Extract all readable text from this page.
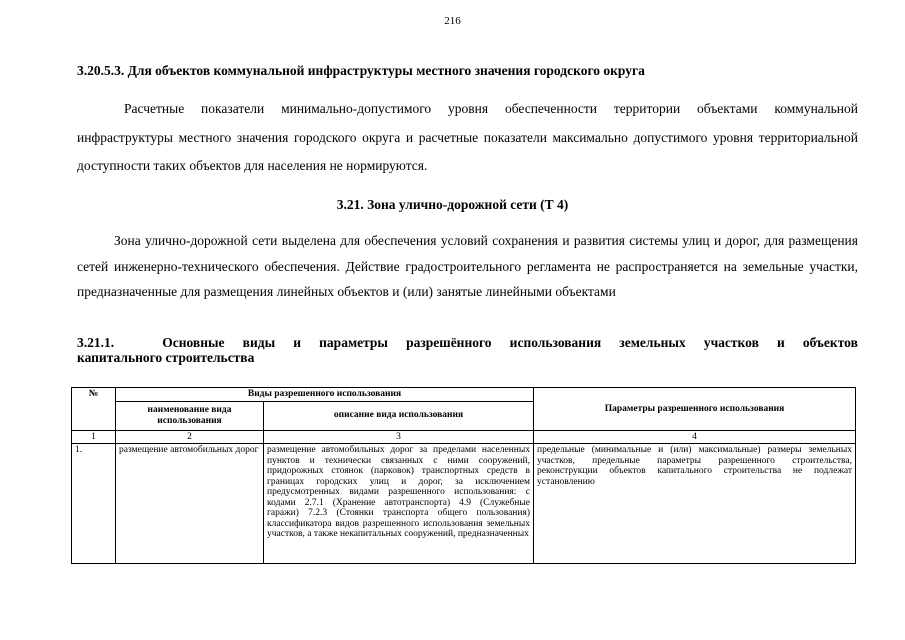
216
3.20.5.3. Для объектов коммунальной инфраструктуры местного значения городского округа
Расчетные показатели минимально-допустимого уровня обеспеченности территории объектами коммунальной инфраструктуры местного значения городского округа и расчетные показатели максимально допустимого уровня территориальной доступности таких объектов для населения не нормируются.
3.21. Зона улично-дорожной сети (Т 4)
Зона улично-дорожной сети выделена для обеспечения условий сохранения и развития системы улиц и дорог, для размещения сетей инженерно-технического обеспечения. Действие градостроительного регламента не распространяется на земельные участки, предназначенные для размещения линейных объектов и (или) занятые линейными объектами
3.21.1.	Основные виды и параметры разрешённого использования земельных участков и объектов
капитального строительства
№	Виды разрешенного использования		Параметры разрешенного использования
	наименование вида использования	описание вида использования	
1	2	3	4
1.	размещение автомобильных дорог	размещение автомобильных дорог за пределами населенных пунктов и технически связанных с ними сооружений, придорожных стоянок (парковок) транспортных средств в границах городских улиц и дорог, за исключением предусмотренных видами разрешенного использования: с кодами 2.7.1 (Хранение автотранспорта) 4.9 (Служебные гаражи) 7.2.3 (Стоянки транспорта общего пользования) классификатора видов разрешенного использования земельных участков, а также некапитальных сооружений, предназначенных	предельные (минимальные и (или) максимальные) размеры земельных участков, предельные параметры разрешенного строительства, реконструкции объектов капитального строительства не подлежат установлению
